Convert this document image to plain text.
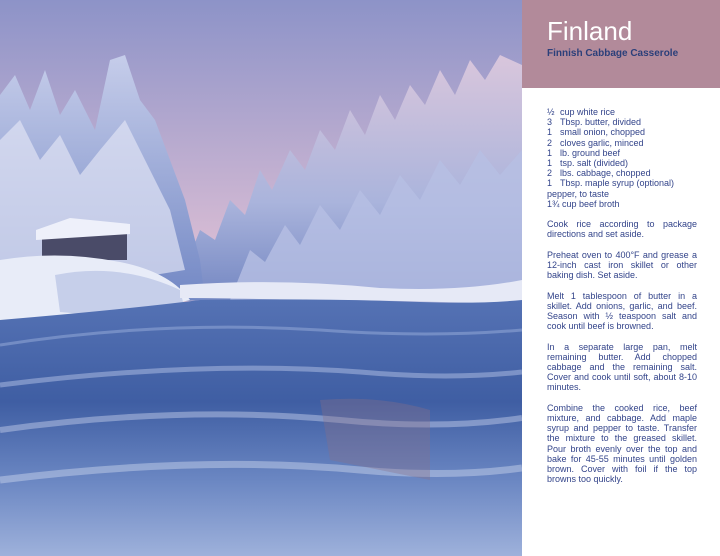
Finland

Finnish Cabbage Casserole

½ cup white rice
3 Tbsp. butter, divided
1 small onion, chopped
2 cloves garlic, minced
1 lb. ground beef
1 tsp. salt (divided)
2 lbs. cabbage, chopped
1 Tbsp. maple syrup (optional)

pepper, to taste

1¾ cup beef broth

Cook rice according to package directions and set aside.

Preheat oven to 400°F and grease a 12-inch cast iron skillet or other baking dish. Set aside.

Melt 1 tablespoon of butter in a skillet. Add onions, garlic, and beef. Season with ½ teaspoon salt and cook until beef is browned.

In a separate large pan, melt remaining butter. Add chopped cabbage and the remaining salt. Cover and cook until soft, about 8-10 minutes.

Combine the cooked rice, beef mixture, and cabbage. Add maple syrup and pepper to taste. Transfer the mixture to the greased skillet. Pour broth evenly over the top and bake for 45-55 minutes until golden brown. Cover with foil if the top browns too quickly.
